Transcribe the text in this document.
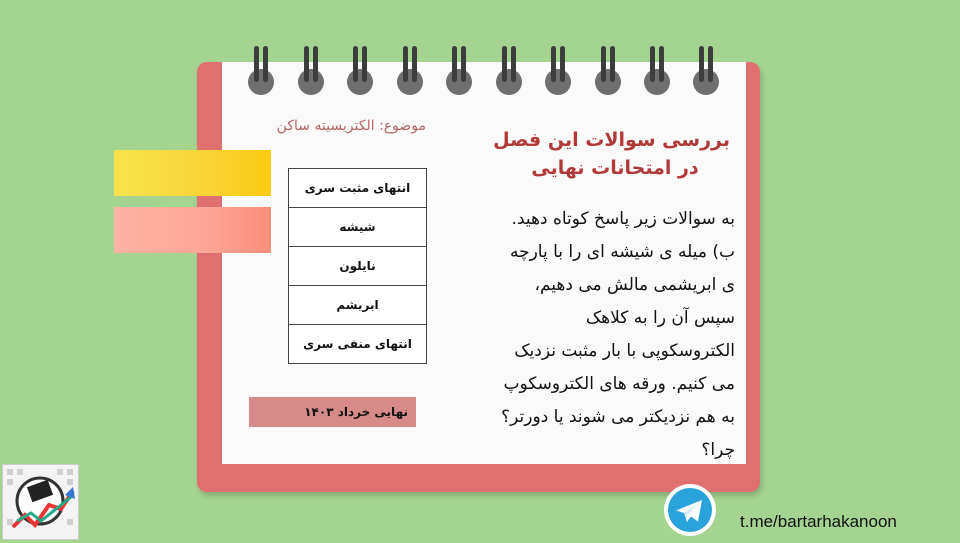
موضوع: الکتریسیته ساکن
بررسی سوالات این فصل
در امتحانات نهایی
انتهای مثبت سری
شیشه
نایلون
ابریشم
انتهای منفی سری
نهایی خرداد ۱۴۰۳
به سوالات زیر پاسخ کوتاه دهید.
ب) میله ی شیشه ای را با پارچه
ی ابریشمی مالش می دهیم،
سپس آن را به کلاهک
الکتروسکوپی با بار مثبت نزدیک
می کنیم. ورقه های الکتروسکوپ
به هم نزدیکتر می شوند یا دورتر؟
چرا؟
t.me/bartarhakanoon
